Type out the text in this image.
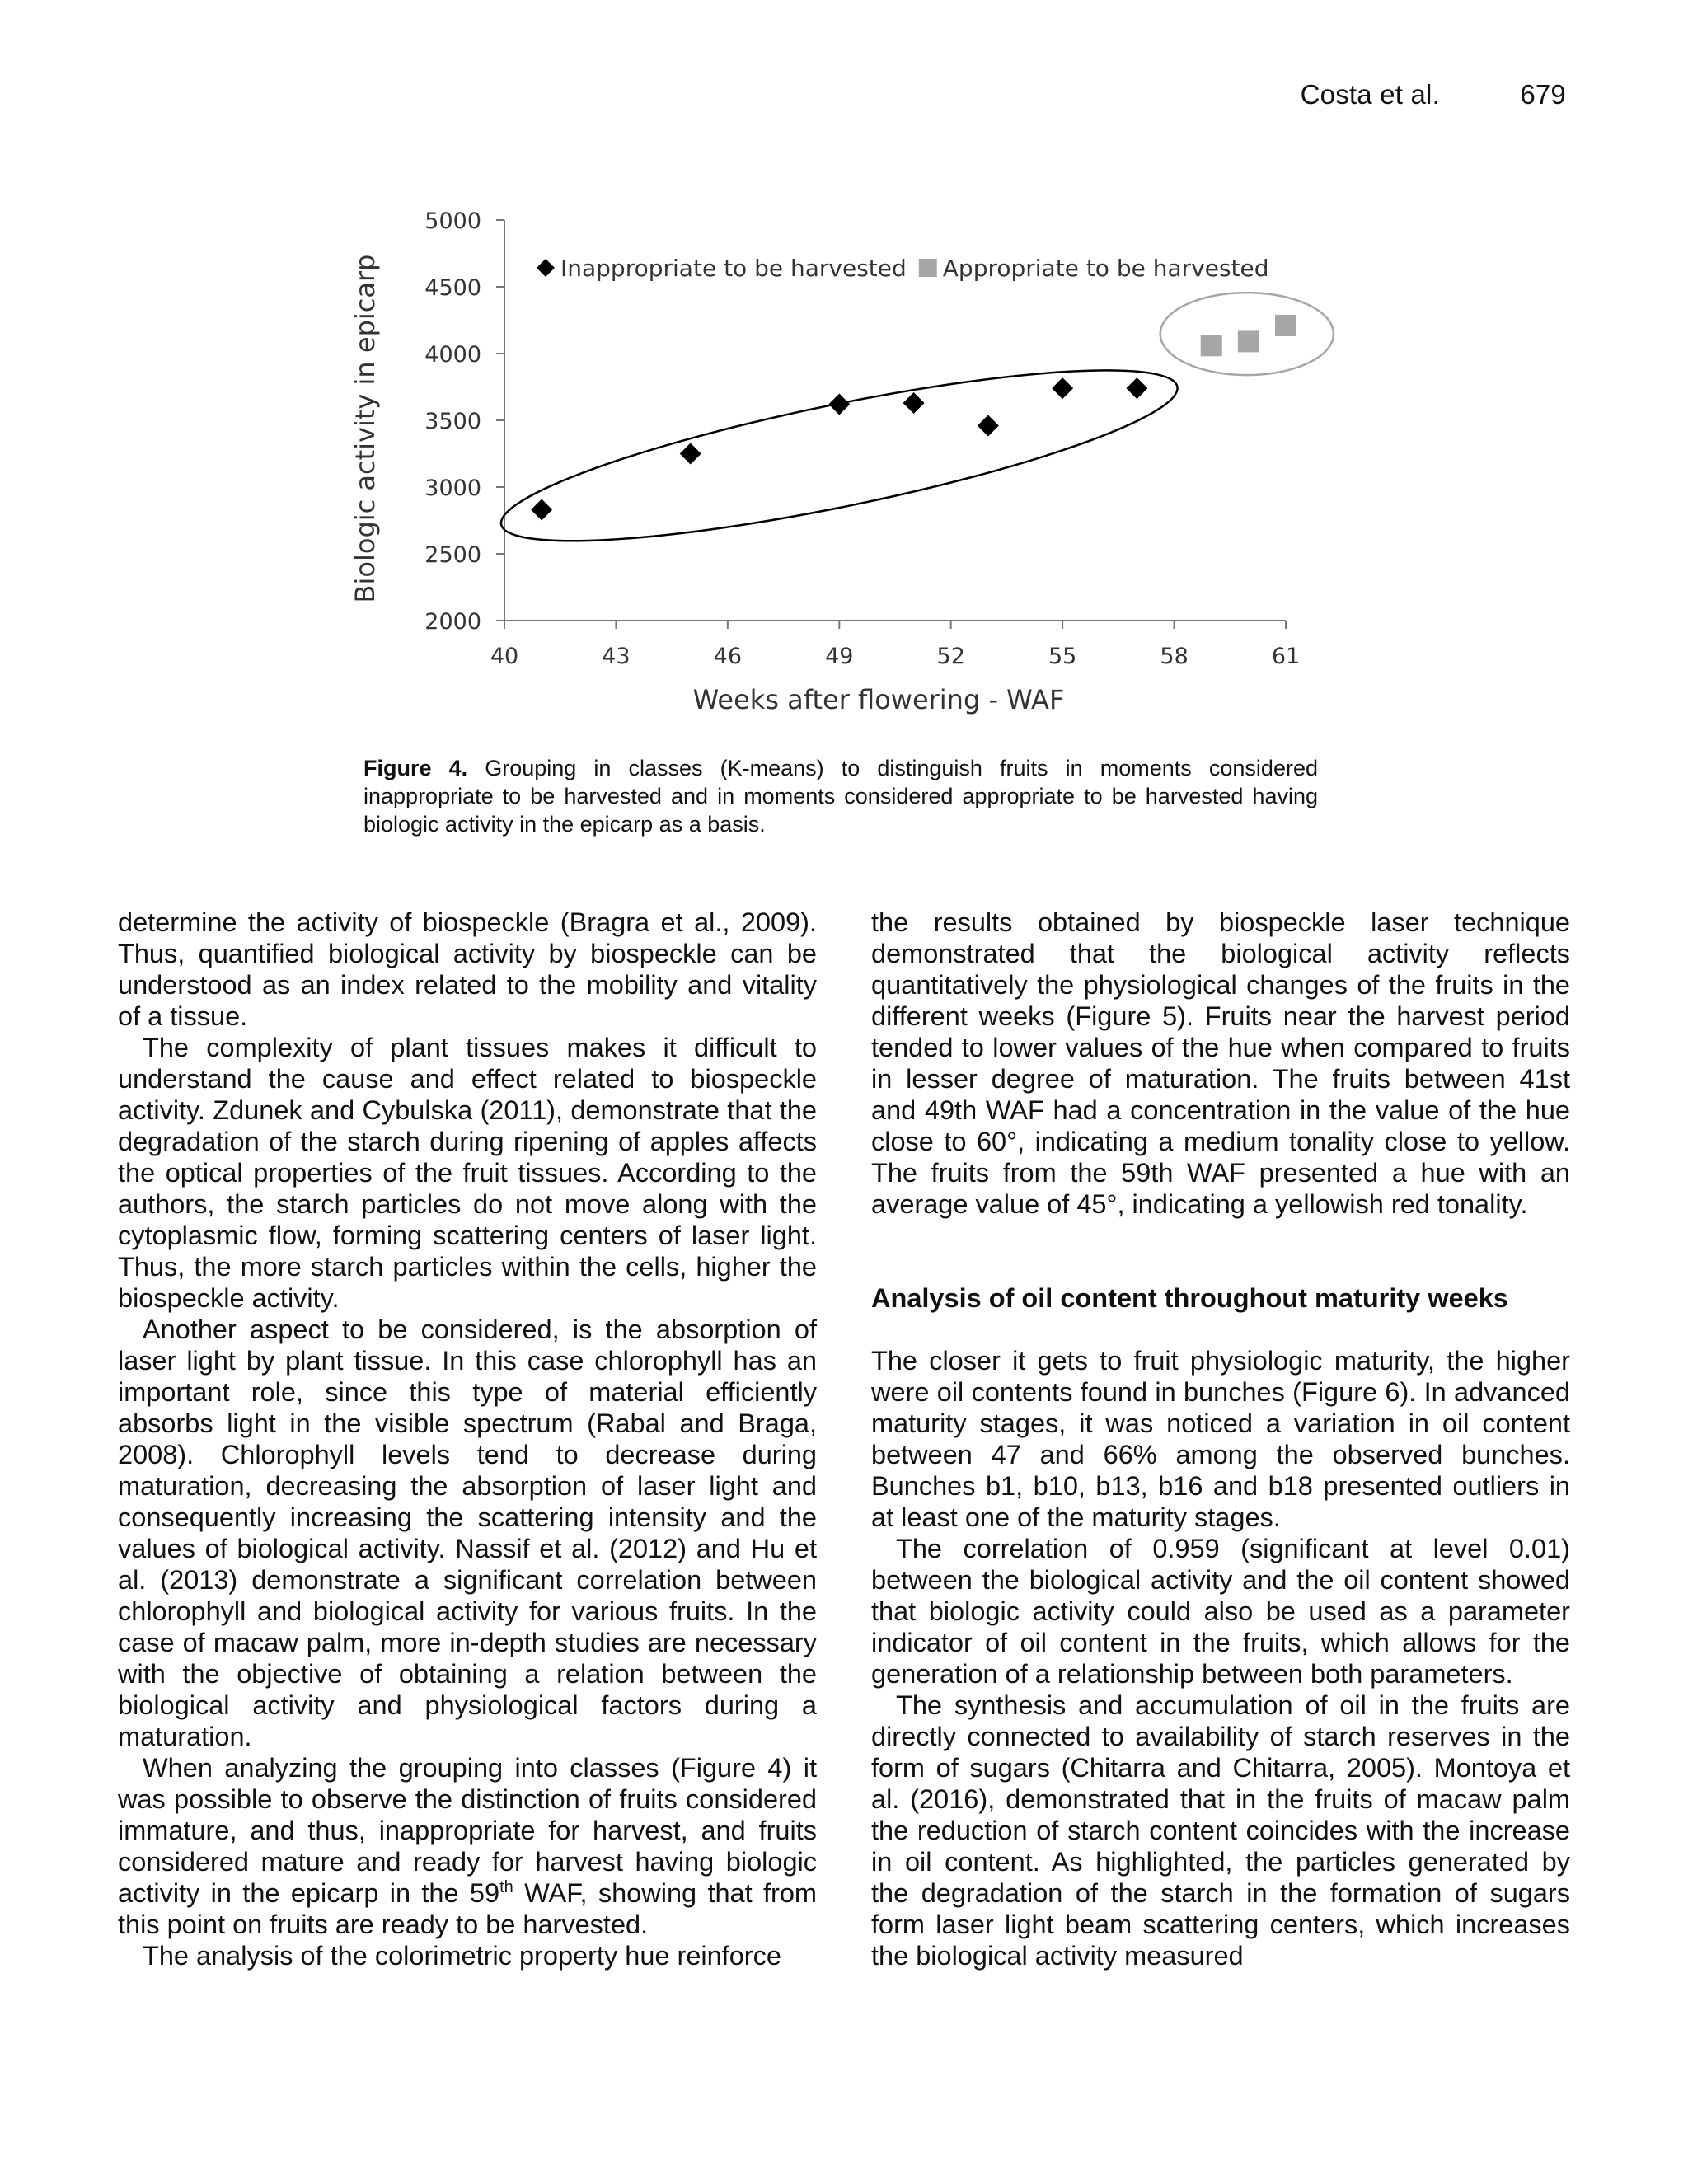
Costa et al.	679
2000
2500
3000
3500
4000
4500
5000
40	43	46	49	52	55	58	61
Weeks after flowering - WAF
Biologic activity in epicarp	Inappropriate to be harvested Appropriate to be harvested
Figure 4. Grouping in classes (K-means) to distinguish fruits in moments considered inappropriate to be harvested and in moments considered appropriate to be harvested having biologic activity in the epicarp as a basis.

determine the activity of biospeckle (Bragra et al., 2009). Thus, quantified biological activity by biospeckle can be understood as an index related to the mobility and vitality of a tissue.

The complexity of plant tissues makes it difficult to understand the cause and effect related to biospeckle activity. Zdunek and Cybulska (2011), demonstrate that the degradation of the starch during ripening of apples affects the optical properties of the fruit tissues. According to the authors, the starch particles do not move along with the cytoplasmic flow, forming scattering centers of laser light. Thus, the more starch particles within the cells, higher the biospeckle activity.

Another aspect to be considered, is the absorption of laser light by plant tissue. In this case chlorophyll has an important role, since this type of material efficiently absorbs light in the visible spectrum (Rabal and Braga, 2008). Chlorophyll levels tend to decrease during maturation, decreasing the absorption of laser light and consequently increasing the scattering intensity and the values of biological activity. Nassif et al. (2012) and Hu et al. (2013) demonstrate a significant correlation between chlorophyll and biological activity for various fruits. In the case of macaw palm, more in-depth studies are necessary with the objective of obtaining a relation between the biological activity and physiological factors during a maturation.

When analyzing the grouping into classes (Figure 4) it was possible to observe the distinction of fruits considered immature, and thus, inappropriate for harvest, and fruits considered mature and ready for harvest having biologic activity in the epicarp in the 59th WAF, showing that from this point on fruits are ready to be harvested.

The analysis of the colorimetric property hue reinforce

the results obtained by biospeckle laser technique demonstrated that the biological activity reflects quantitatively the physiological changes of the fruits in the different weeks (Figure 5). Fruits near the harvest period tended to lower values of the hue when compared to fruits in lesser degree of maturation. The fruits between 41st and 49th WAF had a concentration in the value of the hue close to 60°, indicating a medium tonality close to yellow. The fruits from the 59th WAF presented a hue with an average value of 45°, indicating a yellowish red tonality.

Analysis of oil content throughout maturity weeks

The closer it gets to fruit physiologic maturity, the higher were oil contents found in bunches (Figure 6). In advanced maturity stages, it was noticed a variation in oil content between 47 and 66% among the observed bunches. Bunches b1, b10, b13, b16 and b18 presented outliers in at least one of the maturity stages.

The correlation of 0.959 (significant at level 0.01) between the biological activity and the oil content showed that biologic activity could also be used as a parameter indicator of oil content in the fruits, which allows for the generation of a relationship between both parameters.

The synthesis and accumulation of oil in the fruits are directly connected to availability of starch reserves in the form of sugars (Chitarra and Chitarra, 2005). Montoya et al. (2016), demonstrated that in the fruits of macaw palm the reduction of starch content coincides with the increase in oil content. As highlighted, the particles generated by the degradation of the starch in the formation of sugars form laser light beam scattering centers, which increases the biological activity measured
